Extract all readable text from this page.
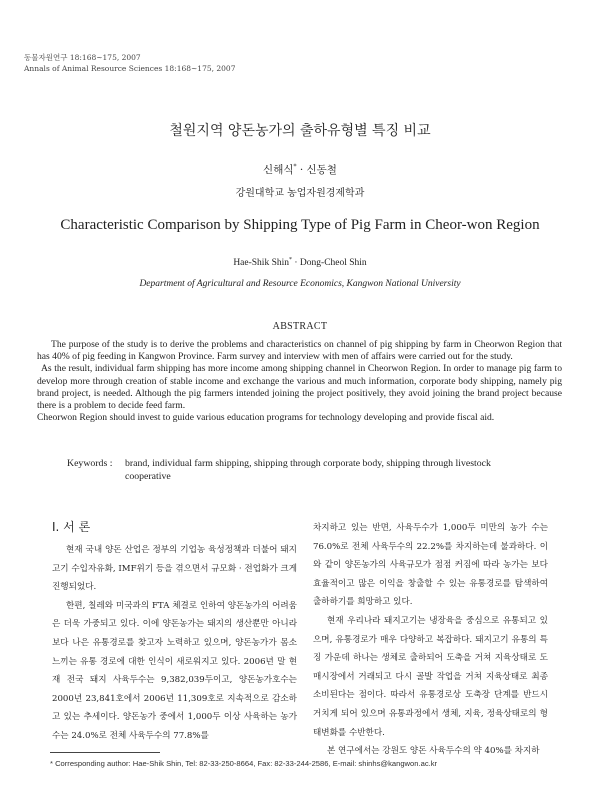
동물자원연구 18:168~175, 2007
Annals of Animal Resource Sciences 18:168~175, 2007
철원지역 양돈농가의 출하유형별 특징 비교
신해식* · 신동철
강원대학교 농업자원경제학과
Characteristic Comparison by Shipping Type of Pig Farm in Cheor-won Region
Hae-Shik Shin* · Dong-Cheol Shin
Department of Agricultural and Resource Economics, Kangwon National University
ABSTRACT

The purpose of the study is to derive the problems and characteristics on channel of pig shipping by farm in Cheorwon Region that has 40% of pig feeding in Kangwon Province. Farm survey and interview with men of affairs were carried out for the study.

As the result, individual farm shipping has more income among shipping channel in Cheorwon Region. In order to manage pig farm to develop more through creation of stable income and exchange the various and much information, corporate body shipping, namely pig brand project, is needed. Although the pig farmers intended joining the project positively, they avoid joining the brand project because there is a problem to decide feed farm.

Cheorwon Region should invest to guide various education programs for technology developing and provide fiscal aid.

Keywords : brand, individual farm shipping, shipping through corporate body, shipping through livestock
cooperative
Ⅰ. 서 론

현재 국내 양돈 산업은 정부의 기업농 육성정책과 더불어 돼지고기 수입자유화, IMF위기 등을 겪으면서 규모화 · 전업화가 크게 진행되었다.

한편, 칠레와 미국과의 FTA 체결로 인하여 양돈농가의 어려움은 더욱 가중되고 있다. 이에 양돈농가는 돼지의 생산뿐만 아니라 보다 나은 유통경로를 찾고자 노력하고 있으며, 양돈농가가 몸소 느끼는 유통 경로에 대한 인식이 새로워지고 있다. 2006년 말 현재 전국 돼지 사육두수는 9,382,039두이고, 양돈농가호수는 2000년 23,841호에서 2006년 11,309호로 지속적으로 감소하고 있는 추세이다. 양돈농가 중에서 1,000두 이상 사육하는 농가 수는 24.0%로 전체 사육두수의 77.8%를

차지하고 있는 반면, 사육두수가 1,000두 미만의 농가 수는 76.0%로 전체 사육두수의 22.2%를 차지하는데 불과하다. 이와 같이 양돈농가의 사육규모가 점점 커짐에 따라 농가는 보다 효율적이고 많은 이익을 창출할 수 있는 유통경로를 탐색하여 출하하기를 희망하고 있다.

현재 우리나라 돼지고기는 냉장육을 중심으로 유통되고 있으며, 유통경로가 매우 다양하고 복잡하다. 돼지고기 유통의 특징 가운데 하나는 생체로 출하되어 도축을 거쳐 지육상태로 도매시장에서 거래되고 다시 골발 작업을 거쳐 지육상태로 최종 소비된다는 점이다. 따라서 유통경로상 도축장 단계를 반드시 거치게 되어 있으며 유통과정에서 생체, 지육, 정육상태로의 형태변화를 수반한다.

본 연구에서는 강원도 양돈 사육두수의 약 40%를 차지하

* Corresponding author: Hae-Shik Shin, Tel: 82-33-250-8664, Fax: 82-33-244-2586, E-mail: shinhs@kangwon.ac.kr
